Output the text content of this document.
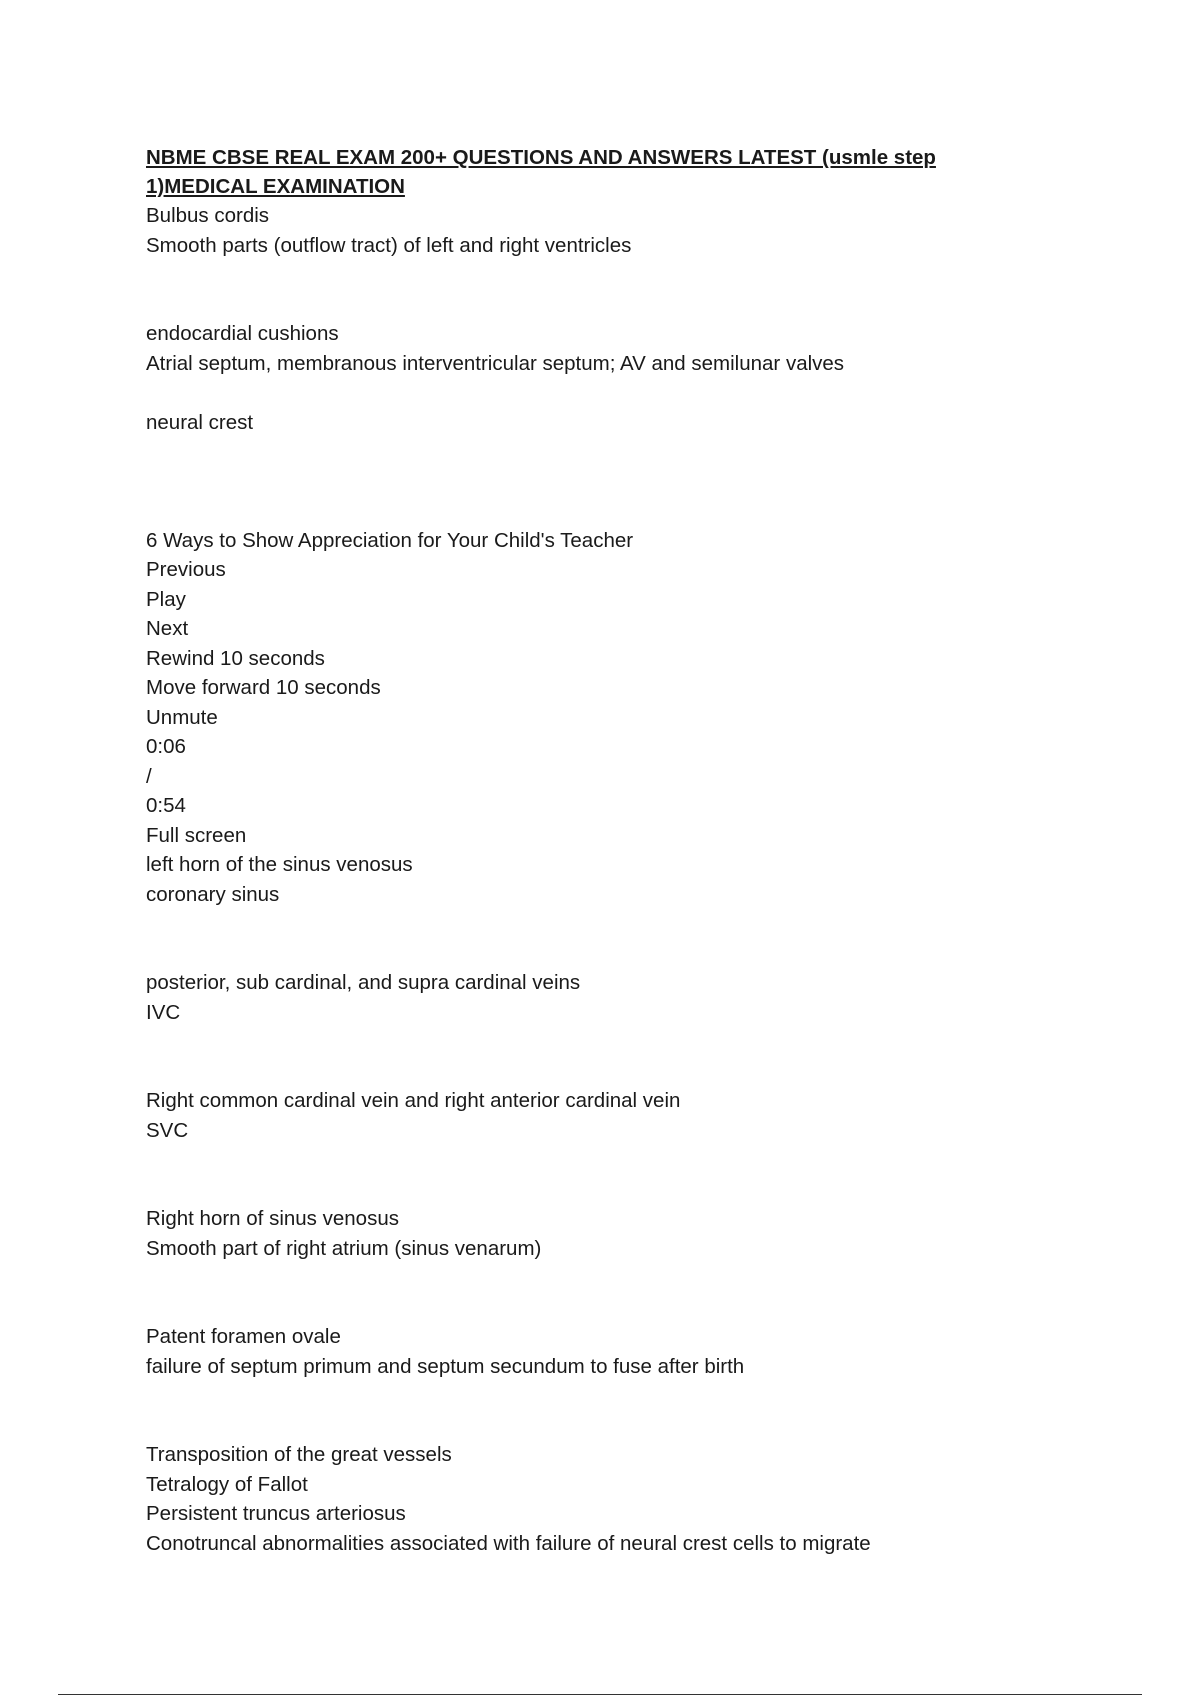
NBME CBSE REAL EXAM 200+ QUESTIONS AND ANSWERS LATEST (usmle step 1)MEDICAL EXAMINATION

Bulbus cordis

Smooth parts (outflow tract) of left and right ventricles

endocardial cushions

Atrial septum, membranous interventricular septum; AV and semilunar valves

neural crest

6 Ways to Show Appreciation for Your Child's Teacher

Previous

Play

Next

Rewind 10 seconds

Move forward 10 seconds

Unmute

0:06

/

0:54

Full screen

left horn of the sinus venosus

coronary sinus

posterior, sub cardinal, and supra cardinal veins

IVC

Right common cardinal vein and right anterior cardinal vein

SVC

Right horn of sinus venosus

Smooth part of right atrium (sinus venarum)

Patent foramen ovale

failure of septum primum and septum secundum to fuse after birth

Transposition of the great vessels

Tetralogy of Fallot

Persistent truncus arteriosus

Conotruncal abnormalities associated with failure of neural crest cells to migrate
